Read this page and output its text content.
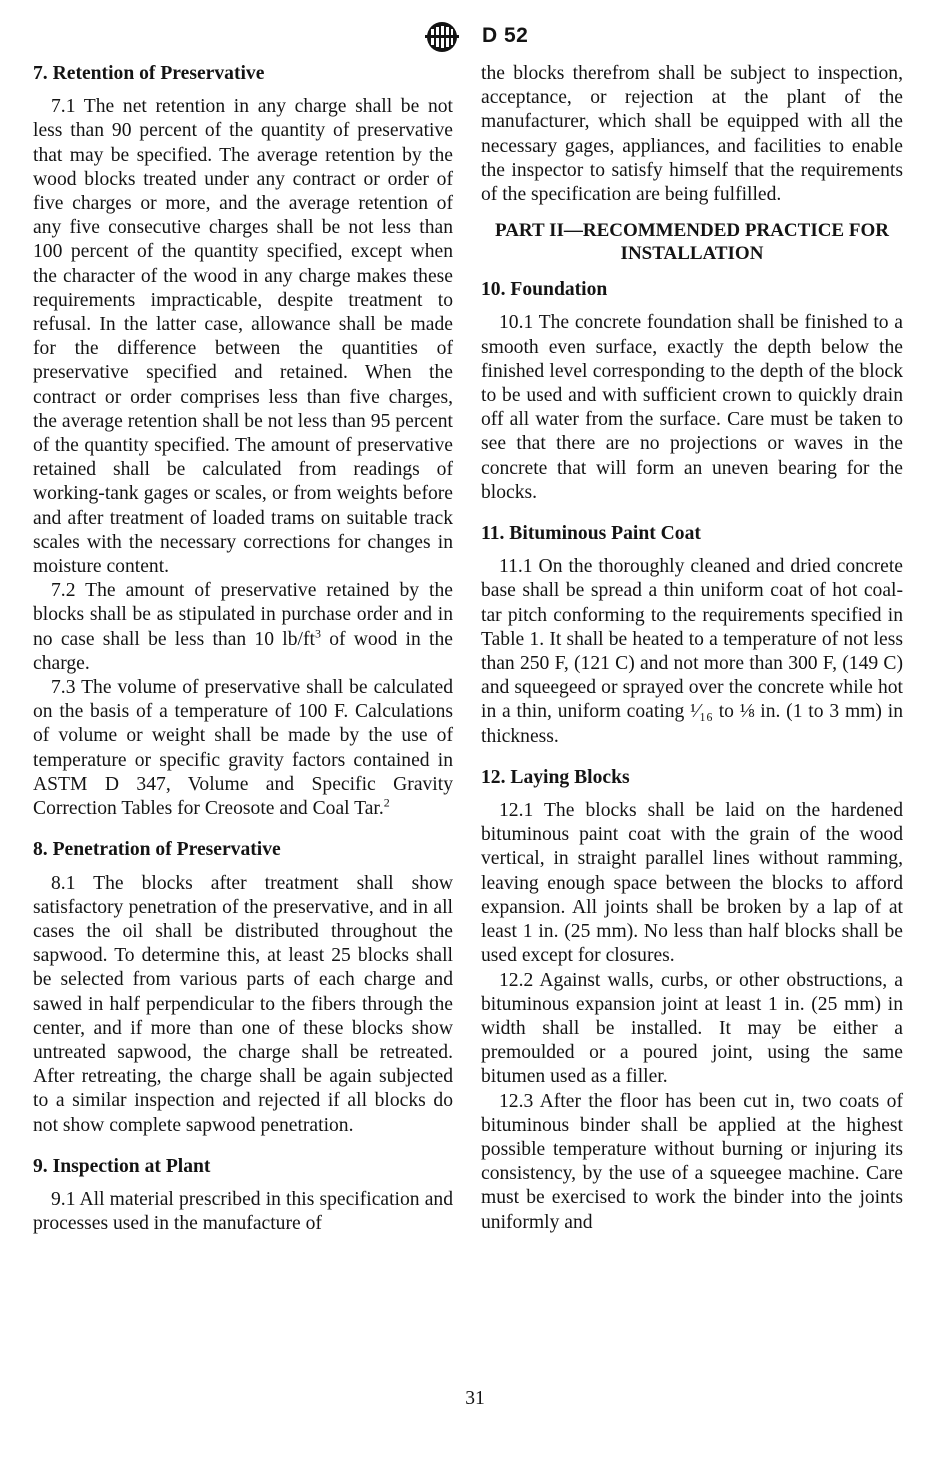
D 52

7. Retention of Preservative

7.1 The net retention in any charge shall be not less than 90 percent of the quantity of preservative that may be specified. The average retention by the wood blocks treated under any contract or order of five charges or more, and the average retention of any five consecutive charges shall be not less than 100 percent of the quantity specified, except when the character of the wood in any charge makes these requirements impracticable, despite treatment to refusal. In the latter case, allowance shall be made for the difference between the quantities of preservative specified and retained. When the contract or order comprises less than five charges, the average retention shall be not less than 95 percent of the quantity specified. The amount of preservative retained shall be calculated from readings of working-tank gages or scales, or from weights before and after treatment of loaded trams on suitable track scales with the necessary corrections for changes in moisture content.

7.2 The amount of preservative retained by the blocks shall be as stipulated in purchase order and in no case shall be less than 10 $lb/ft^3$ of wood in the charge.

7.3 The volume of preservative shall be calculated on the basis of a temperature of 100 F. Calculations of volume or weight shall be made by the use of temperature or specific gravity factors contained in ASTM D 347, Volume and Specific Gravity Correction Tables for Creosote and Coal Tar.$^2$

8. Penetration of Preservative

8.1 The blocks after treatment shall show satisfactory penetration of the preservative, and in all cases the oil shall be distributed throughout the sapwood. To determine this, at least 25 blocks shall be selected from various parts of each charge and sawed in half perpendicular to the fibers through the center, and if more than one of these blocks show untreated sapwood, the charge shall be retreated. After retreating, the charge shall be again subjected to a similar inspection and rejected if all blocks do not show complete sapwood penetration.

9. Inspection at Plant

9.1 All material prescribed in this specification and processes used in the manufacture of

the blocks therefrom shall be subject to inspection, acceptance, or rejection at the plant of the manufacturer, which shall be equipped with all the necessary gages, appliances, and facilities to enable the inspector to satisfy himself that the requirements of the specification are being fulfilled.

PART II—RECOMMENDED PRACTICE FOR

INSTALLATION

10. Foundation

10.1 The concrete foundation shall be finished to a smooth even surface, exactly the depth below the finished level corresponding to the depth of the block to be used and with sufficient crown to quickly drain off all water from the surface. Care must be taken to see that there are no projections or waves in the concrete that will form an uneven bearing for the blocks.

11. Bituminous Paint Coat

11.1 On the thoroughly cleaned and dried concrete base shall be spread a thin uniform coat of hot coal-tar pitch conforming to the requirements specified in Table 1. It shall be heated to a temperature of not less than 250 F, (121 C) and not more than 300 F, (149 C) and squeegeed or sprayed over the concrete while hot in a thin, uniform coating ¹⁄₁₆ to ⅛ in. (1 to 3 mm) in thickness.

12. Laying Blocks

12.1 The blocks shall be laid on the hardened bituminous paint coat with the grain of the wood vertical, in straight parallel lines without ramming, leaving enough space between the blocks to afford expansion. All joints shall be broken by a lap of at least 1 in. (25 mm). No less than half blocks shall be used except for closures.

12.2 Against walls, curbs, or other obstructions, a bituminous expansion joint at least 1 in. (25 mm) in width shall be installed. It may be either a premoulded or a poured joint, using the same bitumen used as a filler.

12.3 After the floor has been cut in, two coats of bituminous binder shall be applied at the highest possible temperature without burning or injuring its consistency, by the use of a squeegee machine. Care must be exercised to work the binder into the joints uniformly and

31
